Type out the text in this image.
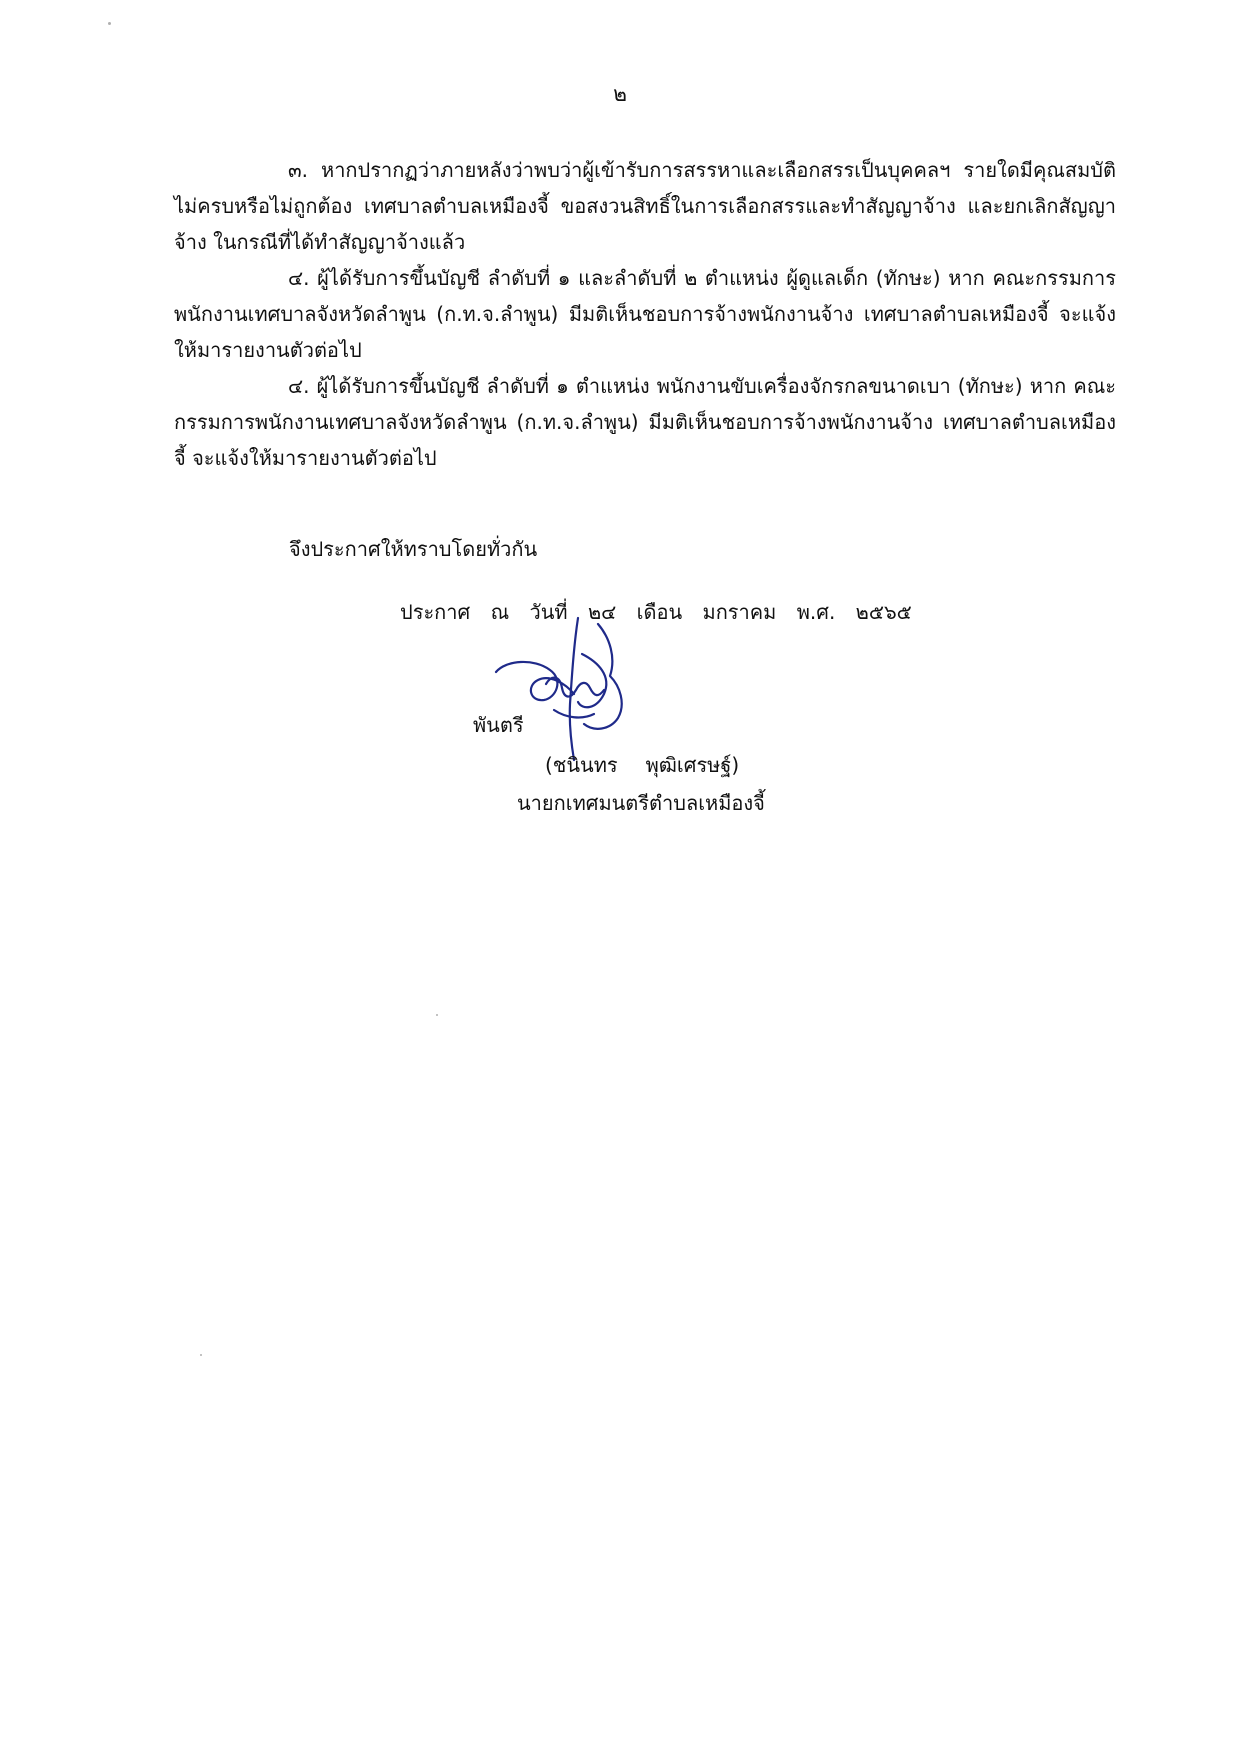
๒

๓. หากปรากฏว่าภายหลังว่าพบว่าผู้เข้ารับการสรรหาและเลือกสรรเป็นบุคคลฯ รายใดมีคุณสมบัติไม่ครบหรือไม่ถูกต้อง เทศบาลตำบลเหมืองจี้ ขอสงวนสิทธิ์ในการเลือกสรรและทำสัญญาจ้าง และยกเลิกสัญญาจ้าง ในกรณีที่ได้ทำสัญญาจ้างแล้ว

๔. ผู้ได้รับการขึ้นบัญชี ลำดับที่ ๑ และลำดับที่ ๒ ตำแหน่ง ผู้ดูแลเด็ก (ทักษะ) หาก คณะกรรมการพนักงานเทศบาลจังหวัดลำพูน (ก.ท.จ.ลำพูน) มีมติเห็นชอบการจ้างพนักงานจ้าง เทศบาลตำบลเหมืองจี้ จะแจ้งให้มารายงานตัวต่อไป

๔. ผู้ได้รับการขึ้นบัญชี ลำดับที่ ๑ ตำแหน่ง พนักงานขับเครื่องจักรกลขนาดเบา (ทักษะ) หาก คณะกรรมการพนักงานเทศบาลจังหวัดลำพูน (ก.ท.จ.ลำพูน) มีมติเห็นชอบการจ้างพนักงานจ้าง เทศบาลตำบลเหมืองจี้ จะแจ้งให้มารายงานตัวต่อไป

จึงประกาศให้ทราบโดยทั่วกัน
ประกาศ ณ วันที่ ๒๔ เดือน มกราคม พ.ศ. ๒๕๖๕
พันตรี
(ชนินทร พุฒิเศรษฐ์)
นายกเทศมนตรีตำบลเหมืองจี้
